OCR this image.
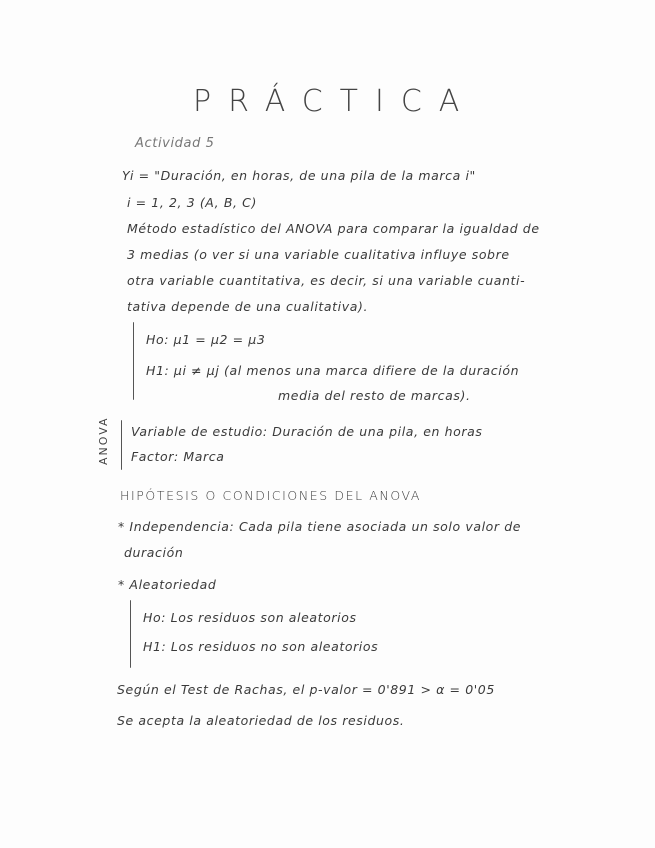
PRÁCTICA
Actividad 5
Yi = "Duración, en horas, de una pila de la marca i"
i = 1, 2, 3 (A, B, C)
Método estadístico del ANOVA para comparar la igualdad de
3 medias (o ver si una variable cualitativa influye sobre
otra variable cuantitativa, es decir, si una variable cuanti-
tativa depende de una cualitativa).
Ho: μ1 = μ2 = μ3
H1: μi ≠ μj (al menos una marca difiere de la duración
media del resto de marcas).
ANOVA Variable de estudio: Duración de una pila, en horas
Factor: Marca
HIPÓTESIS O CONDICIONES DEL ANOVA
* Independencia: Cada pila tiene asociada un solo valor de
duración
* Aleatoriedad
Ho: Los residuos son aleatorios
H1: Los residuos no son aleatorios
Según el Test de Rachas, el p-valor = 0'891 > α = 0'05
Se acepta la aleatoriedad de los residuos.
